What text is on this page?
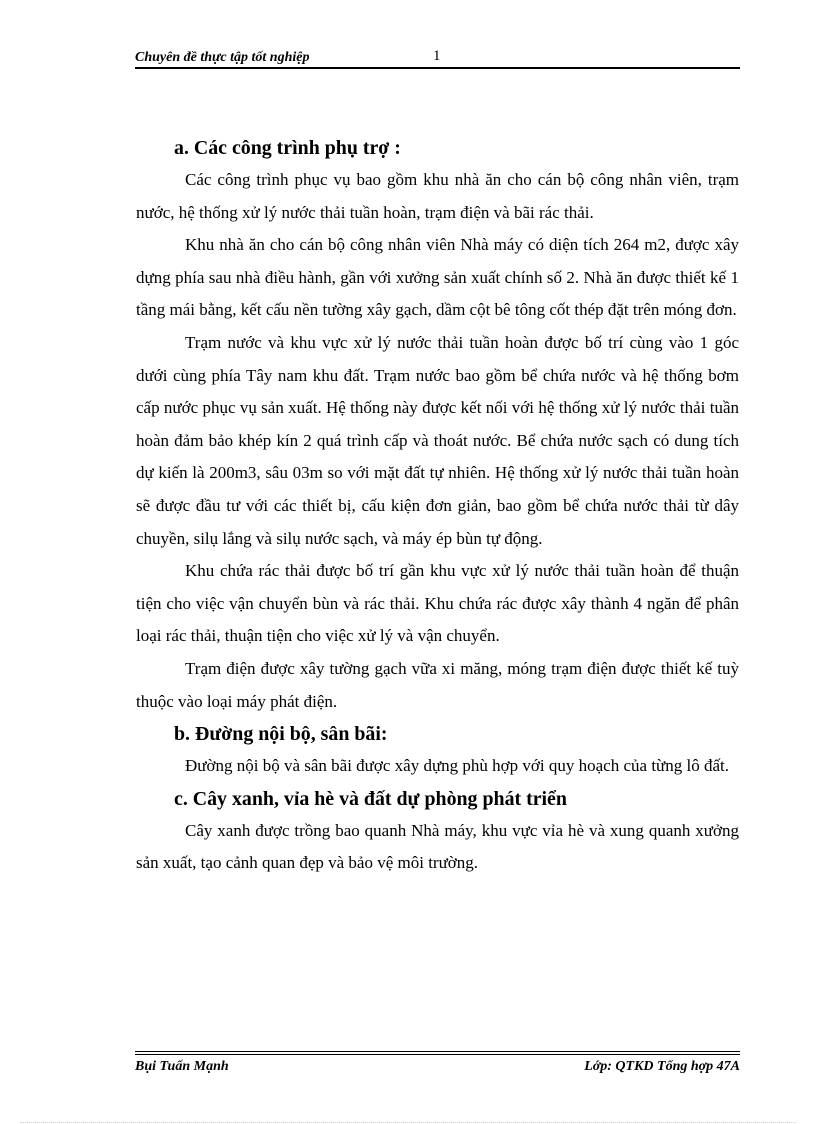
Chuyên đề thực tập tốt nghiệp	1
a. Các công trình phụ trợ :

Các công trình phục vụ bao gồm khu nhà ăn cho cán bộ công nhân viên, trạm nước, hệ thống xử lý nước thải tuần hoàn, trạm điện và bãi rác thải.

Khu nhà ăn cho cán bộ công nhân viên Nhà máy có diện tích 264 m2, được xây dựng phía sau nhà điều hành, gần với xưởng sản xuất chính số 2. Nhà ăn được thiết kế 1 tầng mái bằng, kết cấu nền tường xây gạch, dầm cột bê tông cốt thép đặt trên móng đơn.

Trạm nước và khu vực xử lý nước thải tuần hoàn được bố trí cùng vào 1 góc dưới cùng phía Tây nam khu đất. Trạm nước bao gồm bể chứa nước và hệ thống bơm cấp nước phục vụ sản xuất. Hệ thống này được kết nối với hệ thống xử lý nước thải tuần hoàn đảm bảo khép kín 2 quá trình cấp và thoát nước. Bể chứa nước sạch có dung tích dự kiến là 200m3, sâu 03m so với mặt đất tự nhiên. Hệ thống xử lý nước thải tuần hoàn sẽ được đầu tư với các thiết bị, cấu kiện đơn giản, bao gồm bể chứa nước thải từ dây chuyền, silụ lắng và silụ nước sạch, và máy ép bùn tự động.

Khu chứa rác thải được bố trí gần khu vực xử lý nước thải tuần hoàn để thuận tiện cho việc vận chuyển bùn và rác thải. Khu chứa rác được xây thành 4 ngăn để phân loại rác thải, thuận tiện cho việc xử lý và vận chuyển.

Trạm điện được xây tường gạch vữa xi măng, móng trạm điện được thiết kế tuỳ thuộc vào loại máy phát điện.

b. Đường nội bộ, sân bãi:

Đường nội bộ và sân bãi được xây dựng phù hợp với quy hoạch của từng lô đất.

c. Cây xanh, vỉa hè và đất dự phòng phát triển

Cây xanh được trồng bao quanh Nhà máy, khu vực vỉa hè và xung quanh xưởng sản xuất, tạo cảnh quan đẹp và bảo vệ môi trường.

Bụi Tuấn Mạnh	Lớp: QTKD Tổng hợp 47A
